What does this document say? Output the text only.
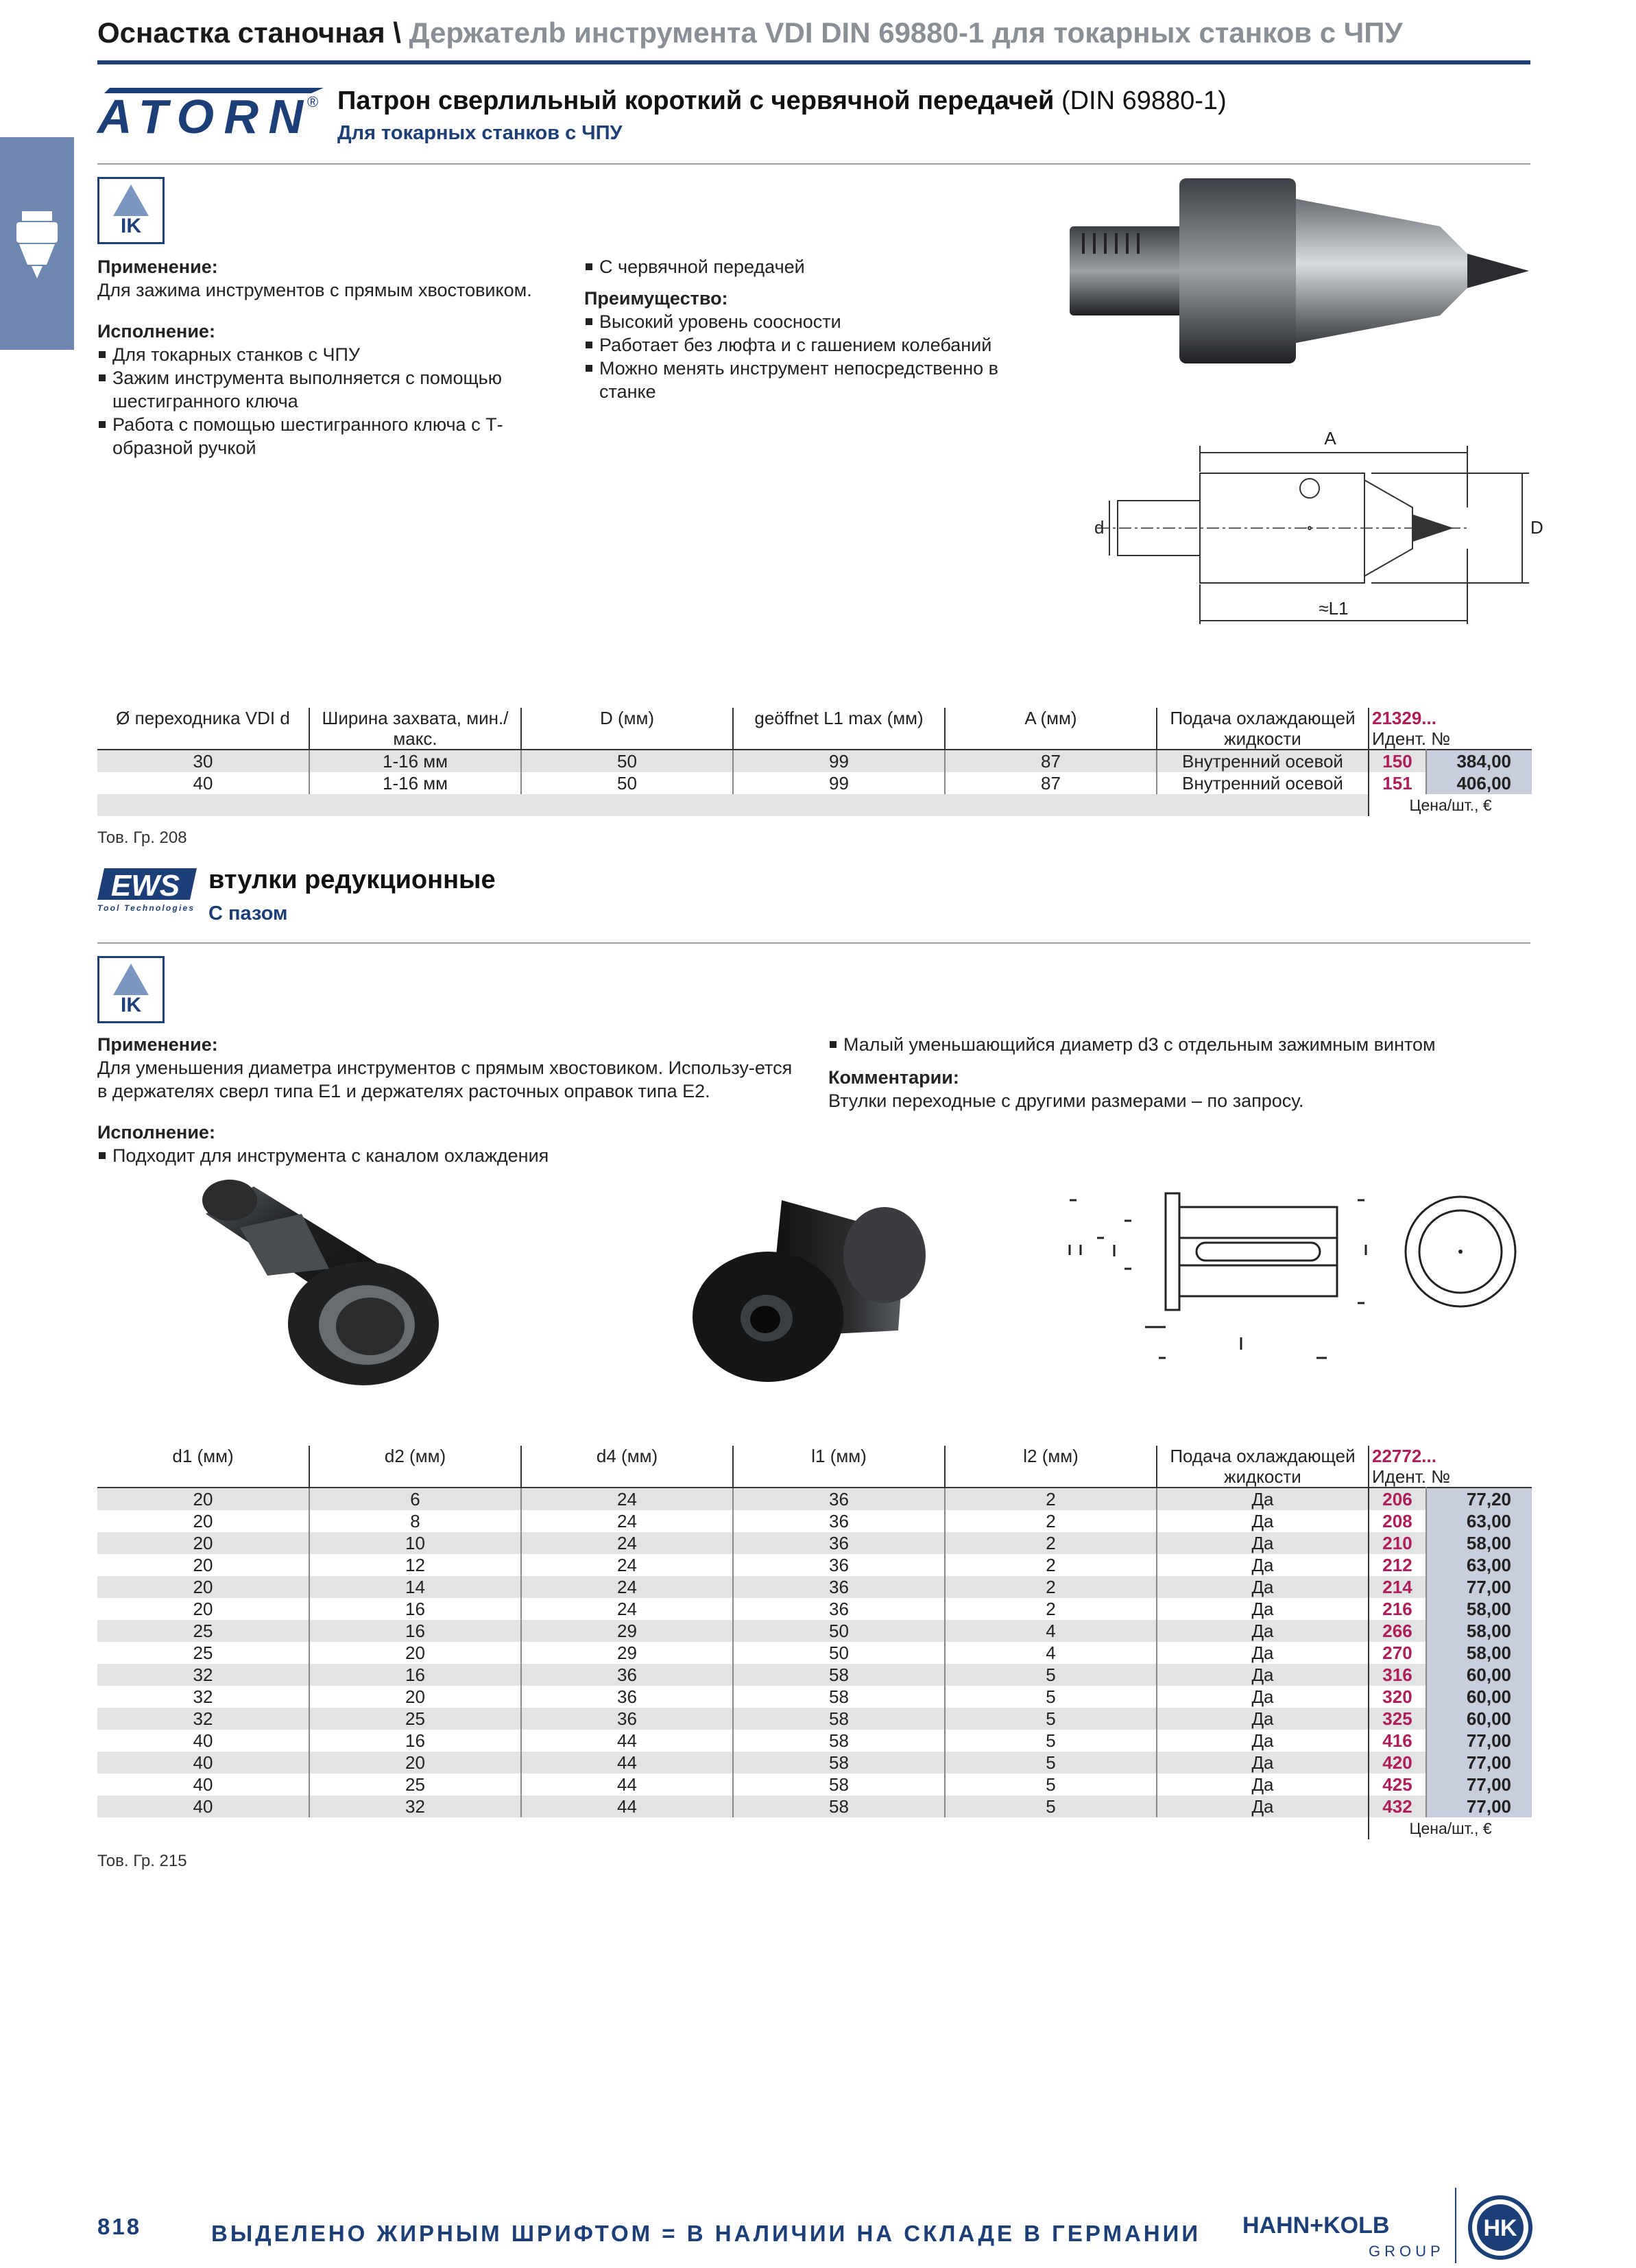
Оснастка станочная \ Держателb инструмента VDI DIN 69880-1 для токарных станков с ЧПУ
ATORN ® Патрон сверлильный короткий с червячной передачей (DIN 69880-1)
Для токарных станков с ЧПУ
IK
Применение:
Для зажима инструментов с прямым хвостовиком.
Исполнение:
Для токарных станков с ЧПУ
Зажим инструмента выполняется с помощью шестигранного ключа
Работа с помощью шестигранного ключа с Т-образной ручкой
С червячной передачей
Преимущество:
Высокий уровень соосности
Работает без люфта и с гашением колебаний
Можно менять инструмент непосредственно в станке
A
d	D
≈L1
Ø переходника VDI d	Ширина захвата, мин./макс.	D (мм)	geöffnet L1 max (мм)	A (мм)	Подача охлаждающей жидкости	21329...
Идент. №	
30	1-16 мм	50	99	87	Внутренний осевой	150	384,00
40	1-16 мм	50	99	87	Внутренний осевой	151	406,00
						Цена/шт., €	
Тов. Гр. 208
EWS
Tool Technologies
втулки редукционные
С пазом
IK
Применение:
Для уменьшения диаметра инструментов с прямым хвостовиком. Использу-ется в держателях сверл типа E1 и держателях расточных оправок типа E2.
Исполнение:
Подходит для инструмента с каналом охлаждения
Малый уменьшающийся диаметр d3 с отдельным зажимным винтом
Комментарии:
Втулки переходные с другими размерами – по запросу.
d1 (мм)	d2 (мм)	d4 (мм)	l1 (мм)	l2 (мм)	Подача охлаждающей жидкости	22772...
Идент. №	
20	6	24	36	2	Да	206	77,20
20	8	24	36	2	Да	208	63,00
20	10	24	36	2	Да	210	58,00
20	12	24	36	2	Да	212	63,00
20	14	24	36	2	Да	214	77,00
20	16	24	36	2	Да	216	58,00
25	16	29	50	4	Да	266	58,00
25	20	29	50	4	Да	270	58,00
32	16	36	58	5	Да	316	60,00
32	20	36	58	5	Да	320	60,00
32	25	36	58	5	Да	325	60,00
40	16	44	58	5	Да	416	77,00
40	20	44	58	5	Да	420	77,00
40	25	44	58	5	Да	425	77,00
40	32	44	58	5	Да	432	77,00
						Цена/шт., €	
Тов. Гр. 215
818	ВЫДЕЛЕНО ЖИРНЫМ ШРИФТОМ = В НАЛИЧИИ НА СКЛАДЕ В ГЕРМАНИИ HAHN+KOLB
GROUP
HK
